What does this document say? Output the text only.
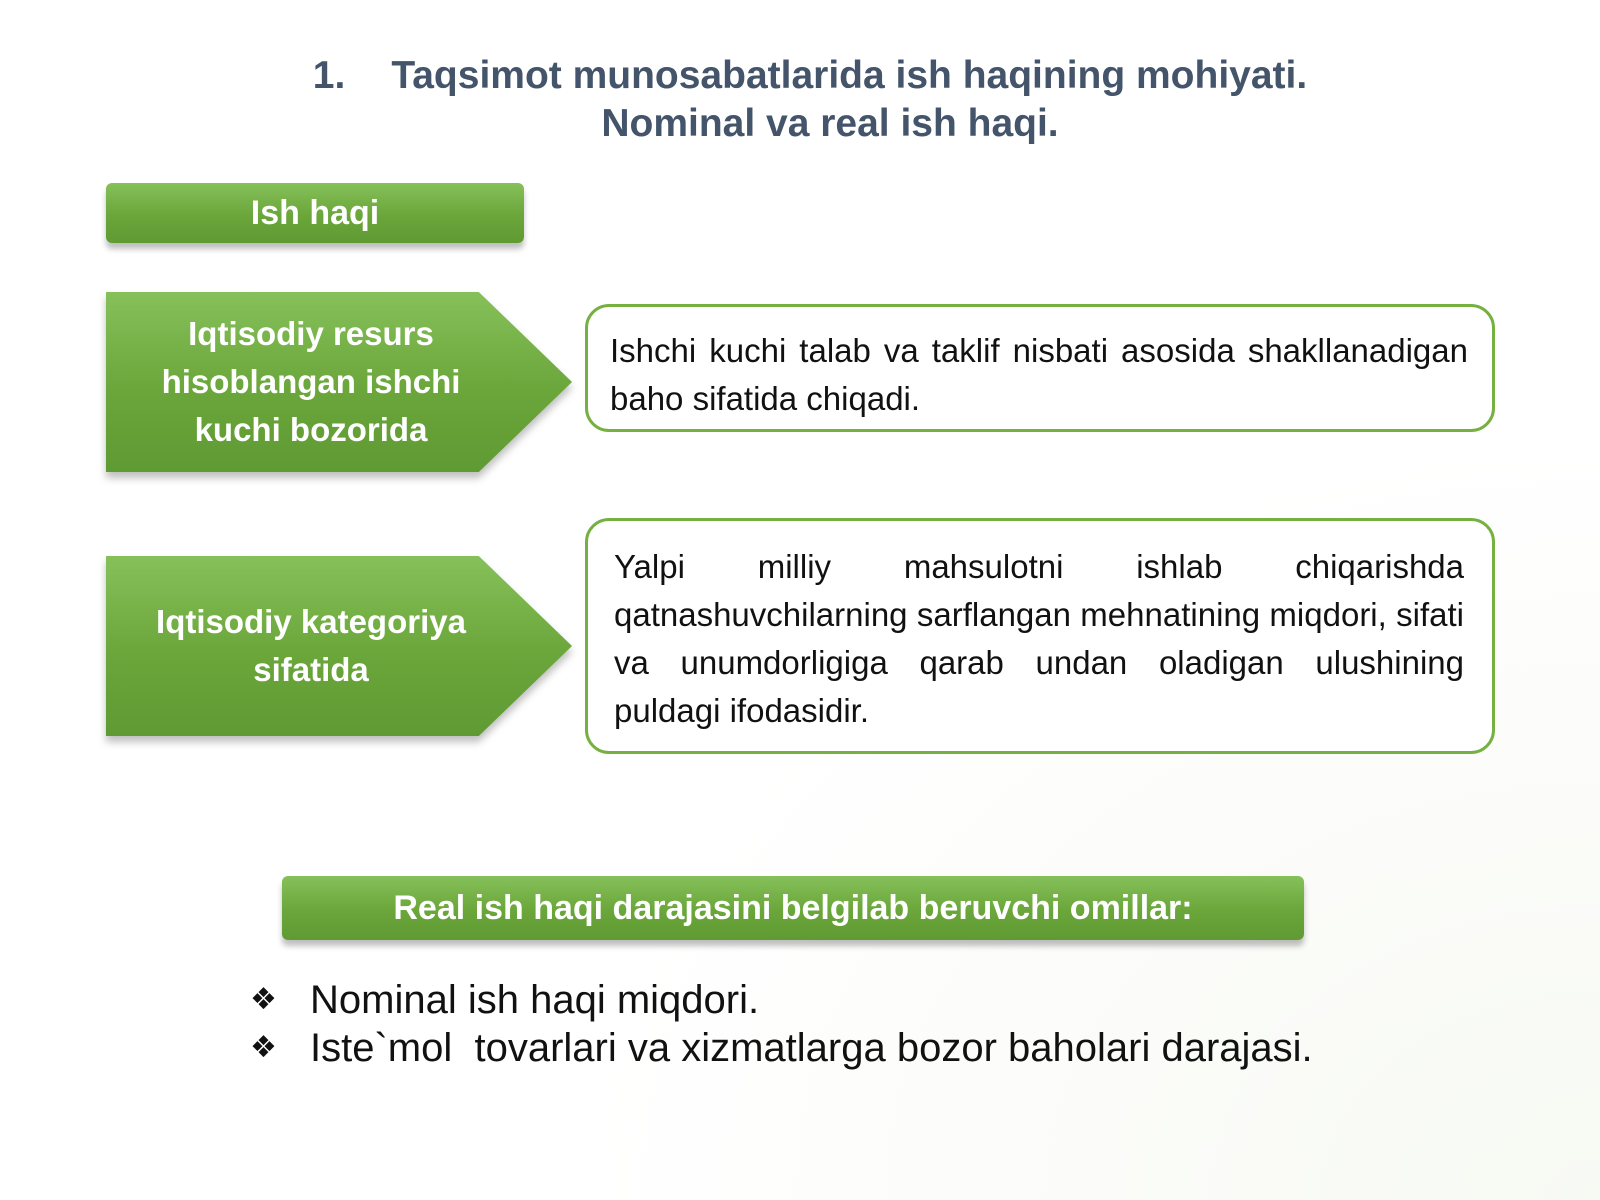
1. Taqsimot munosabatlarida ish haqining mohiyati.
Nominal va real ish haqi.
Ish haqi
Iqtisodiy resurs hisoblangan ishchi kuchi bozorida
Ishchi kuchi talab va taklif nisbati asosida shakllanadigan baho sifatida chiqadi.
Iqtisodiy kategoriya sifatida
Yalpi milliy mahsulotni ishlab chiqarishda qatnashuvchilarning sarflangan mehnatining miqdori, sifati va unumdorligiga qarab undan oladigan ulushining puldagi ifodasidir.
Real ish haqi darajasini belgilab beruvchi omillar:
❖ Nominal ish haqi miqdori.
❖ Iste`mol  tovarlari va xizmatlarga bozor baholari darajasi.
